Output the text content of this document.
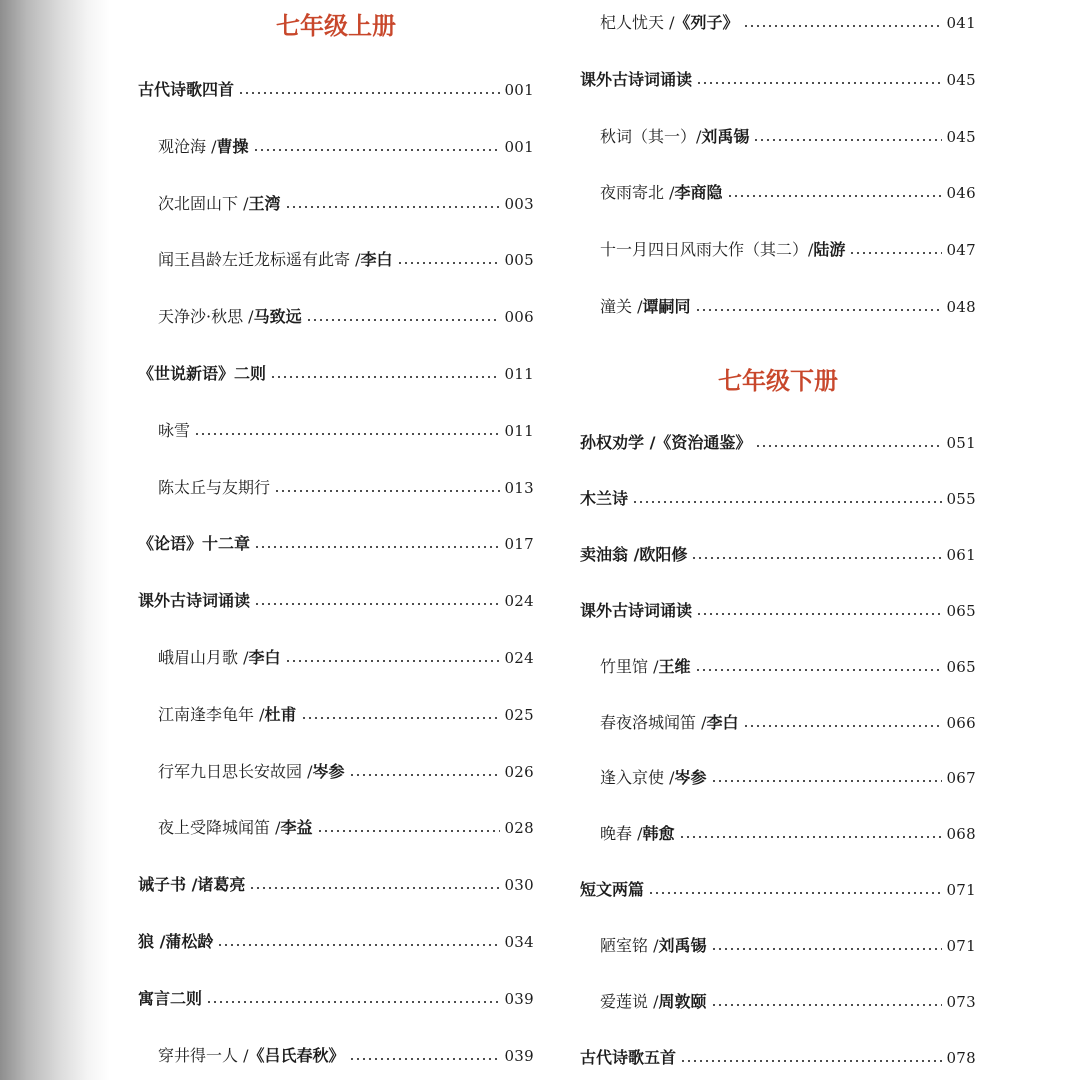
七年级上册
七年级下册
古代诗歌四首	001
观沧海 / 曹操	001
次北固山下 / 王湾	003
闻王昌龄左迁龙标遥有此寄 / 李白	005
天净沙·秋思 / 马致远	006
《世说新语》二则	011
咏雪	011
陈太丘与友期行	013
《论语》十二章	017
课外古诗词诵读	024
峨眉山月歌 / 李白	024
江南逢李龟年 / 杜甫	025
行军九日思长安故园 / 岑参	026
夜上受降城闻笛 / 李益	028
诫子书 / 诸葛亮	030
狼 / 蒲松龄	034
寓言二则	039
穿井得一人 / 《吕氏春秋》	039
杞人忧天 / 《列子》	041
课外古诗词诵读	045
秋词（其一）/ 刘禹锡	045
夜雨寄北 / 李商隐	046
十一月四日风雨大作（其二）/ 陆游	047
潼关 / 谭嗣同	048
孙权劝学 / 《资治通鉴》	051
木兰诗	055
卖油翁 / 欧阳修	061
课外古诗词诵读	065
竹里馆 / 王维	065
春夜洛城闻笛 / 李白	066
逢入京使 / 岑参	067
晚春 / 韩愈	068
短文两篇	071
陋室铭 / 刘禹锡	071
爱莲说 / 周敦颐	073
古代诗歌五首	078
